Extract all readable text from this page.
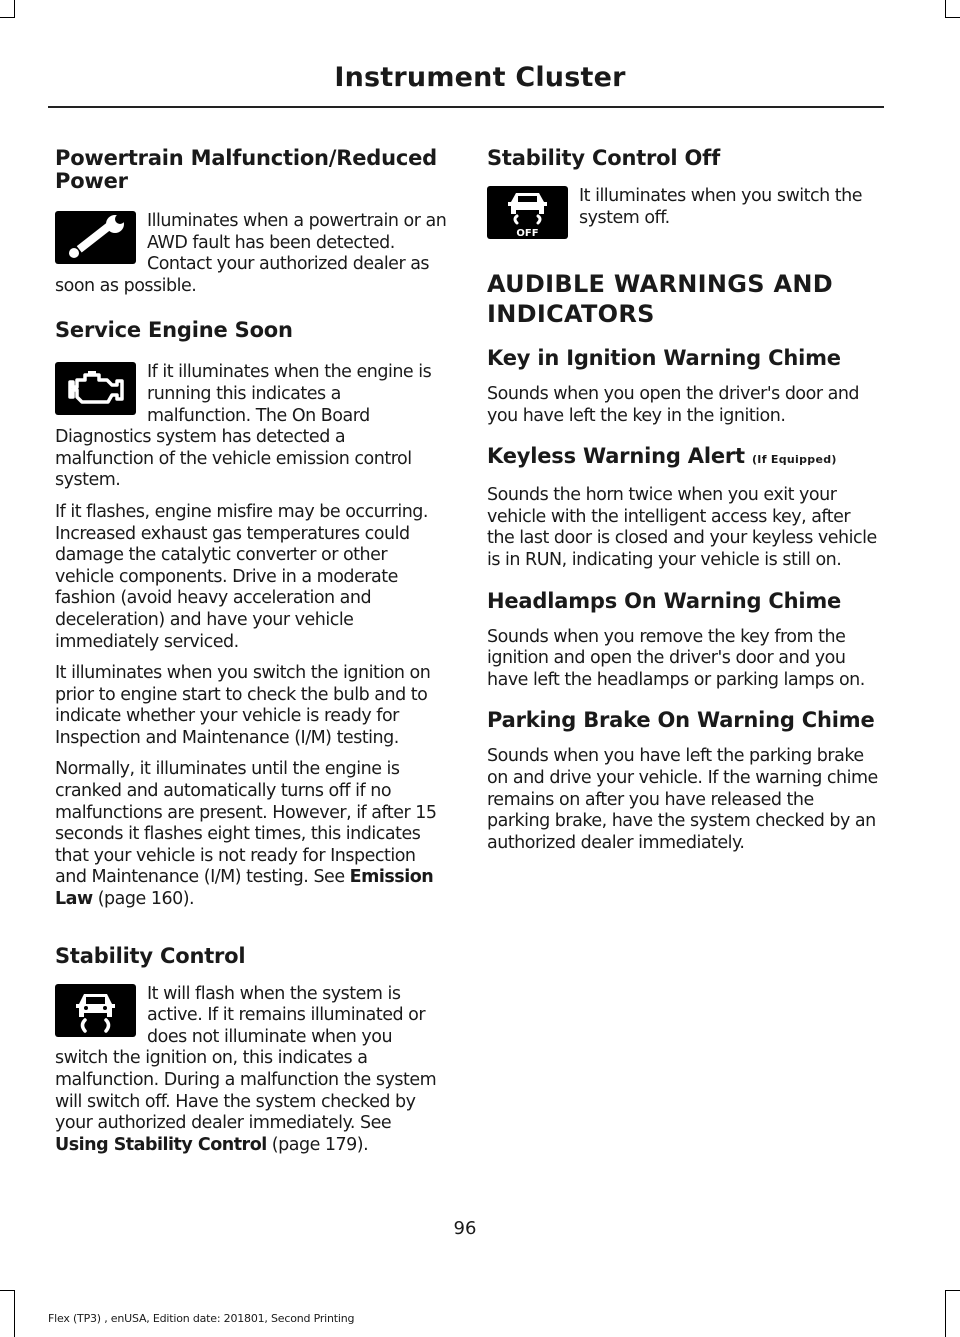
Instrument Cluster
Powertrain Malfunction/Reduced Power

Illuminates when a powertrain or an AWD fault has been detected. Contact your authorized dealer as soon as possible.

Service Engine Soon

If it illuminates when the engine is running this indicates a malfunction. The On Board Diagnostics system has detected a malfunction of the vehicle emission control system.

If it flashes, engine misfire may be occurring. Increased exhaust gas temperatures could damage the catalytic converter or other vehicle components. Drive in a moderate fashion (avoid heavy acceleration and deceleration) and have your vehicle immediately serviced.

It illuminates when you switch the ignition on prior to engine start to check the bulb and to indicate whether your vehicle is ready for Inspection and Maintenance (I/M) testing.

Normally, it illuminates until the engine is cranked and automatically turns off if no malfunctions are present. However, if after 15 seconds it flashes eight times, this indicates that your vehicle is not ready for Inspection and Maintenance (I/M) testing. See Emission Law (page 160).

Stability Control

It will flash when the system is active. If it remains illuminated or does not illuminate when you switch the ignition on, this indicates a malfunction. During a malfunction the system will switch off. Have the system checked by your authorized dealer immediately. See Using Stability Control (page 179).

Stability Control Off
OFF

It illuminates when you switch the system off.

AUDIBLE WARNINGS AND
INDICATORS
Key in Ignition Warning Chime

Sounds when you open the driver's door and you have left the key in the ignition.

Keyless Warning Alert (If Equipped)

Sounds the horn twice when you exit your vehicle with the intelligent access key, after the last door is closed and your keyless vehicle is in RUN, indicating your vehicle is still on.

Headlamps On Warning Chime

Sounds when you remove the key from the ignition and open the driver's door and you have left the headlamps or parking lamps on.

Parking Brake On Warning Chime

Sounds when you have left the parking brake on and drive your vehicle. If the warning chime remains on after you have released the parking brake, have the system checked by an authorized dealer immediately.

96
Flex (TP3) , enUSA, Edition date: 201801, Second Printing
